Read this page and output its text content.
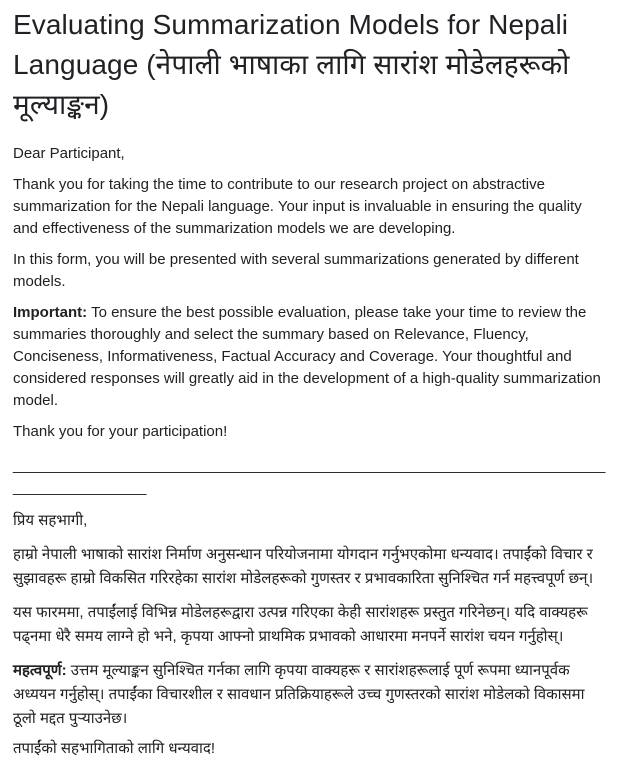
Evaluating Summarization Models for Nepali Language (नेपाली भाषाका लागि सारांश मोडेलहरूको मूल्याङ्कन)

Dear Participant,

Thank you for taking the time to contribute to our research project on abstractive summarization for the Nepali language. Your input is invaluable in ensuring the quality and effectiveness of the summarization models we are developing.

In this form, you will be presented with several summarizations generated by different models.

Important: To ensure the best possible evaluation, please take your time to review the summaries thoroughly and select the summary based on Relevance, Fluency, Conciseness, Informativeness, Factual Accuracy and Coverage. Your thoughtful and considered responses will greatly aid in the development of a high-quality summarization model.

Thank you for your participation!

_______________________________________________________________________________________

प्रिय सहभागी,

हाम्रो नेपाली भाषाको सारांश निर्माण अनुसन्धान परियोजनामा योगदान गर्नुभएकोमा धन्यवाद। तपाईंको विचार र सुझावहरू हाम्रो विकसित गरिरहेका सारांश मोडेलहरूको गुणस्तर र प्रभावकारिता सुनिश्चित गर्न महत्त्वपूर्ण छन्।

यस फारममा, तपाईंलाई विभिन्न मोडेलहरूद्वारा उत्पन्न गरिएका केही सारांशहरू प्रस्तुत गरिनेछन्। यदि वाक्यहरू पढ्नमा धेरै समय लाग्ने हो भने, कृपया आफ्नो प्राथमिक प्रभावको आधारमा मनपर्ने सारांश चयन गर्नुहोस्।

महत्वपूर्ण: उत्तम मूल्याङ्कन सुनिश्चित गर्नका लागि कृपया वाक्यहरू र सारांशहरूलाई पूर्ण रूपमा ध्यानपूर्वक अध्ययन गर्नुहोस्। तपाईंका विचारशील र सावधान प्रतिक्रियाहरूले उच्च गुणस्तरको सारांश मोडेलको विकासमा ठूलो मद्दत पुऱ्याउनेछ।

तपाईंको सहभागिताको लागि धन्यवाद!
